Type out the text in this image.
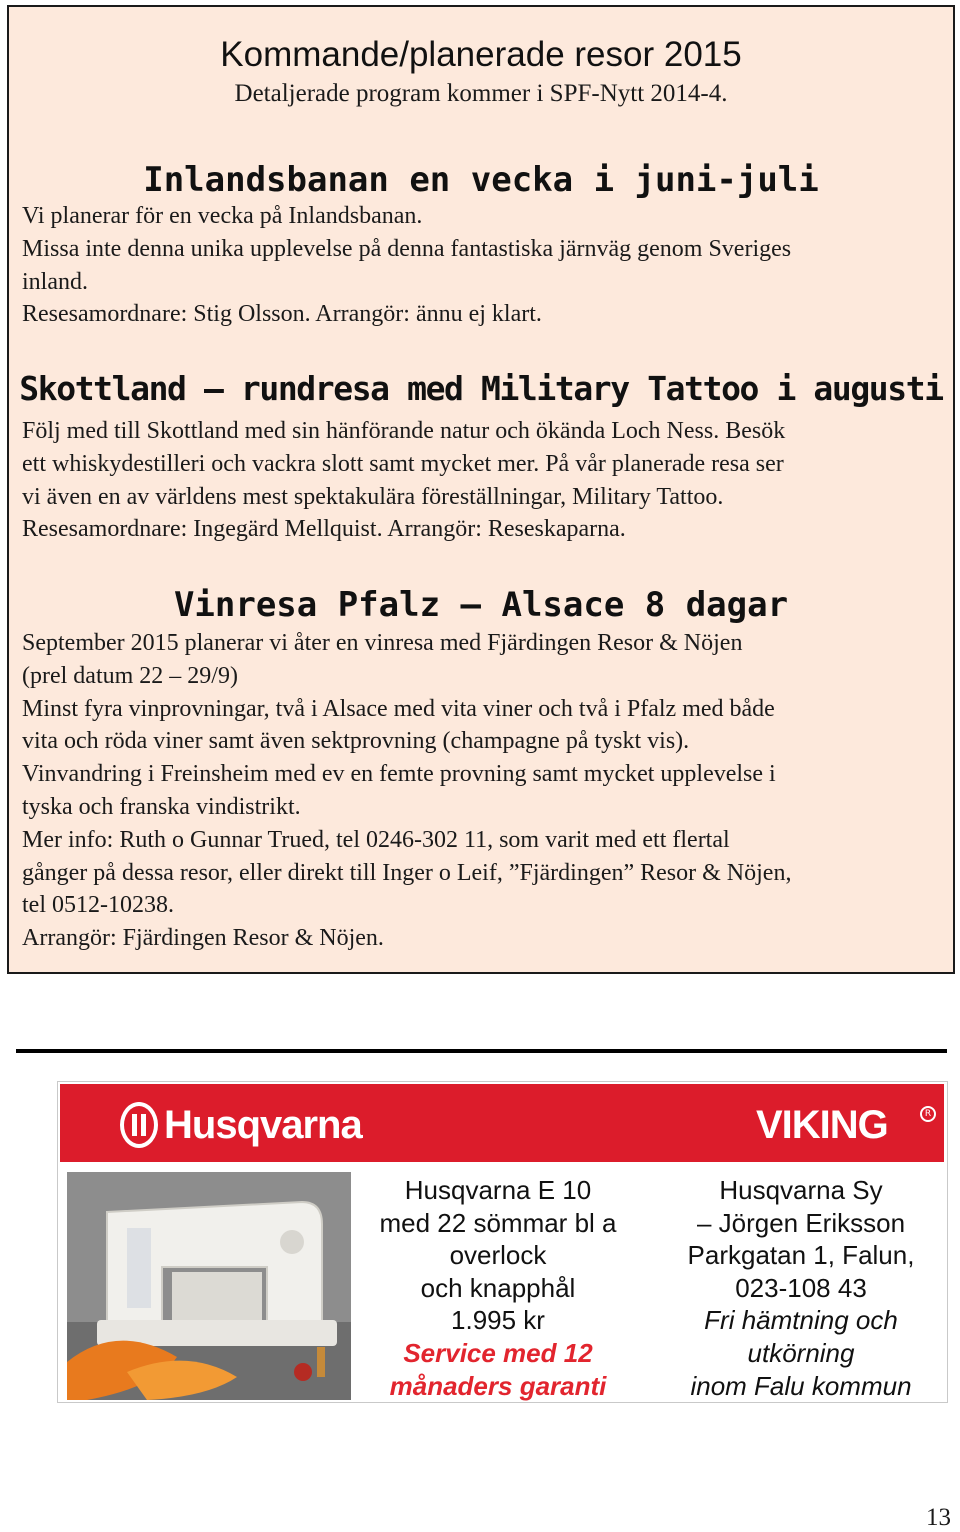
Kommande/planerade resor 2015
Detaljerade program kommer i SPF-Nytt 2014-4.
Inlandsbanan en vecka i juni-juli
Vi planerar för en vecka på Inlandsbanan.
Missa inte denna unika upplevelse på denna fantastiska järnväg genom Sveriges
inland.
Resesamordnare: Stig Olsson. Arrangör: ännu ej klart.
Skottland – rundresa med Military Tattoo i augusti
Följ med till Skottland med sin hänförande natur och ökända Loch Ness. Besök
ett whiskydestilleri och vackra slott samt mycket mer. På vår planerade resa ser
vi även en av världens mest spektakulära föreställningar, Military Tattoo.
Resesamordnare: Ingegärd Mellquist. Arrangör: Reseskaparna.
Vinresa Pfalz – Alsace 8 dagar
September 2015 planerar vi åter en vinresa med Fjärdingen Resor & Nöjen
(prel datum 22 – 29/9)
Minst fyra vinprovningar, två i Alsace med vita viner och två i Pfalz med både
vita och röda viner samt även sektprovning (champagne på tyskt vis).
Vinvandring i Freinsheim med ev en femte provning samt mycket upplevelse i
tyska och franska vindistrikt.
Mer info: Ruth o Gunnar Trued, tel 0246-302 11, som varit med ett flertal
gånger på dessa resor, eller direkt till Inger o Leif, ”Fjärdingen” Resor & Nöjen,
tel 0512-10238.
Arrangör: Fjärdingen Resor & Nöjen.
Husqvarna	VIKING	R
Husqvarna E 10
med 22 sömmar bl a
overlock
och knapphål
1.995 kr
Service med 12
månaders garanti
Husqvarna Sy
– Jörgen Eriksson
Parkgatan 1, Falun,
023-108 43
Fri hämtning och
utkörning
inom Falu kommun
13
